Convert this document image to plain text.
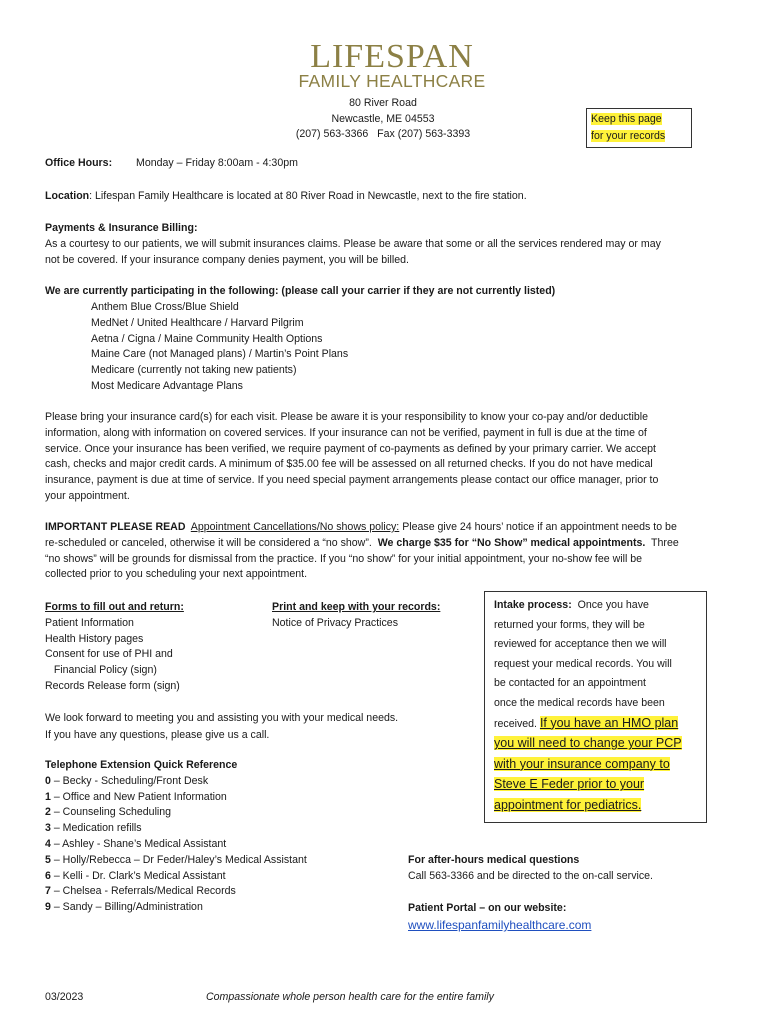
LIFESPAN
FAMILY HEALTHCARE
80 River Road
Newcastle, ME 04553
(207) 563-3366   Fax (207) 563-3393
Keep this page
for your records
Office Hours: Monday – Friday 8:00am - 4:30pm
Location: Lifespan Family Healthcare is located at 80 River Road in Newcastle, next to the fire station.
Payments & Insurance Billing:
As a courtesy to our patients, we will submit insurances claims. Please be aware that some or all the services rendered may or may
not be covered. If your insurance company denies payment, you will be billed.
We are currently participating in the following: (please call your carrier if they are not currently listed)
Anthem Blue Cross/Blue Shield
MedNet / United Healthcare / Harvard Pilgrim
Aetna / Cigna / Maine Community Health Options
Maine Care (not Managed plans) / Martin’s Point Plans
Medicare (currently not taking new patients)
Most Medicare Advantage Plans
Please bring your insurance card(s) for each visit. Please be aware it is your responsibility to know your co-pay and/or deductible
information, along with information on covered services. If your insurance can not be verified, payment in full is due at the time of
service. Once your insurance has been verified, we require payment of co-payments as defined by your primary carrier. We accept
cash, checks and major credit cards. A minimum of $35.00 fee will be assessed on all returned checks. If you do not have medical
insurance, payment is due at time of service. If you need special payment arrangements please contact our office manager, prior to
your appointment.
IMPORTANT PLEASE READ Appointment Cancellations/No shows policy: Please give 24 hours’ notice if an appointment needs to be
re-scheduled or canceled, otherwise it will be considered a “no show”.  We charge $35 for “No Show” medical appointments.  Three
“no shows” will be grounds for dismissal from the practice. If you “no show” for your initial appointment, your no-show fee will be
collected prior to you scheduling your next appointment.
Forms to fill out and return:
Patient Information
Health History pages
Consent for use of PHI and
Financial Policy (sign)
Records Release form (sign)
Print and keep with your records:
Notice of Privacy Practices
Intake process:  Once you have
returned your forms, they will be
reviewed for acceptance then we will
request your medical records. You will
be contacted for an appointment
once the medical records have been
received. If you have an HMO plan
you will need to change your PCP
with your insurance company to
Steve E Feder prior to your
appointment for pediatrics.
We look forward to meeting you and assisting you with your medical needs.
If you have any questions, please give us a call.
Telephone Extension Quick Reference
0 – Becky - Scheduling/Front Desk
1 – Office and New Patient Information
2 – Counseling Scheduling
3 – Medication refills
4 – Ashley - Shane’s Medical Assistant
5 – Holly/Rebecca – Dr Feder/Haley’s Medical Assistant
6 – Kelli - Dr. Clark’s Medical Assistant
7 – Chelsea - Referrals/Medical Records
9 – Sandy – Billing/Administration
For after-hours medical questions
Call 563-3366 and be directed to the on-call service.
Patient Portal – on our website:
www.lifespanfamilyhealthcare.com
03/2023	Compassionate whole person health care for the entire family
